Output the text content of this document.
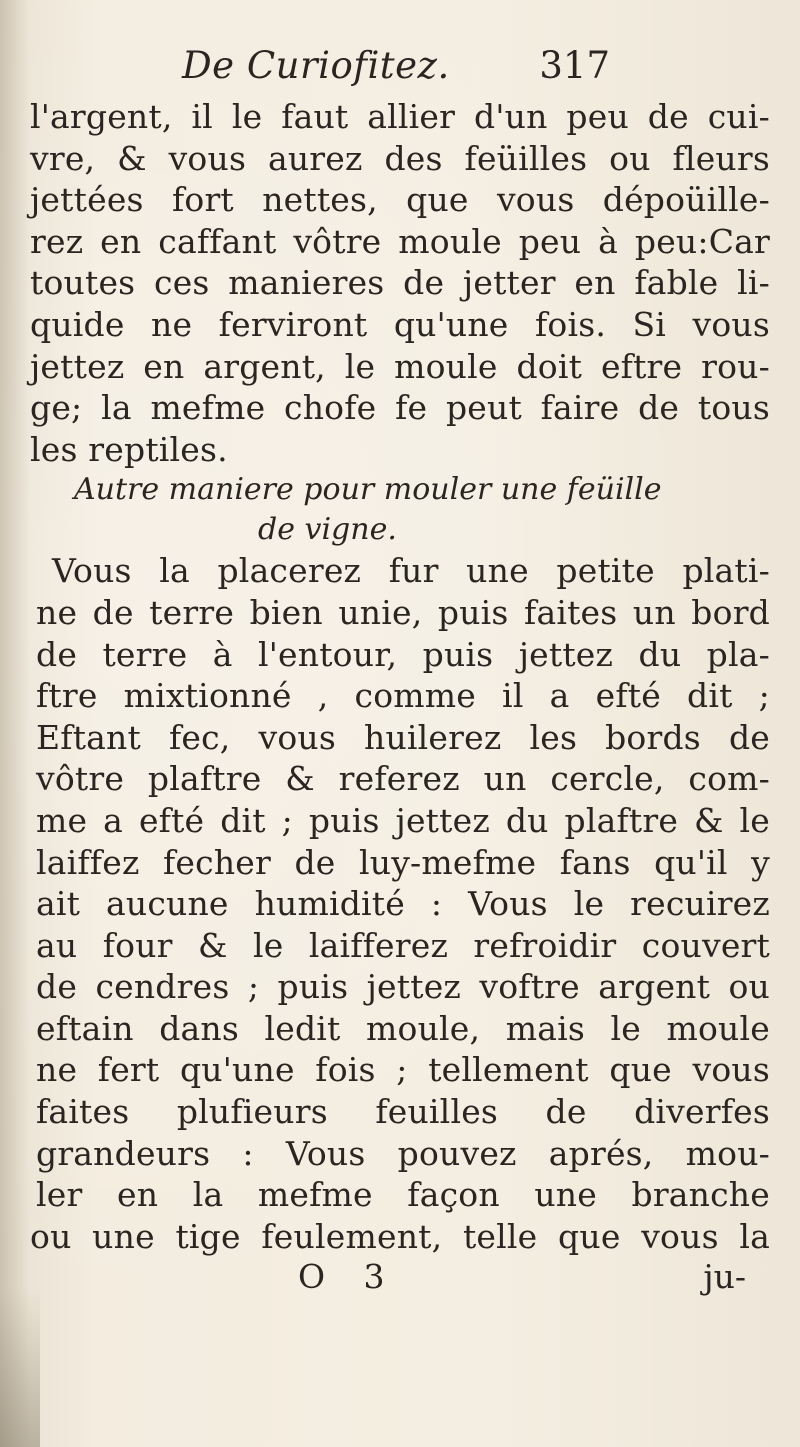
De Curiofitez. 317
l'argent, il le faut allier d'un peu de cui-
vre, & vous aurez des feüilles ou fleurs
jettées fort nettes, que vous dépoüille-
rez en caffant vôtre moule peu à peu:Car
toutes ces manieres de jetter en fable li-
quide ne ferviront qu'une fois. Si vous
jettez en argent, le moule doit eftre rou-
ge; la mefme chofe fe peut faire de tous
les reptiles.
Autre maniere pour mouler une feüille
de vigne.
Vous la placerez fur une petite plati-
ne de terre bien unie, puis faites un bord
de terre à l'entour, puis jettez du pla-
ftre mixtionné , comme il a efté dit ;
Eftant fec, vous huilerez les bords de
vôtre plaftre & referez un cercle, com-
me a efté dit ; puis jettez du plaftre & le
laiffez fecher de luy-mefme fans qu'il y
ait aucune humidité : Vous le recuirez
au four & le laifferez refroidir couvert
de cendres ; puis jettez voftre argent ou
eftain dans ledit moule, mais le moule
ne fert qu'une fois ; tellement que vous
faites plufieurs feuilles de diverfes
grandeurs : Vous pouvez aprés, mou-
ler en la mefme façon une branche
ou une tige feulement, telle que vous la
O 3	ju-
